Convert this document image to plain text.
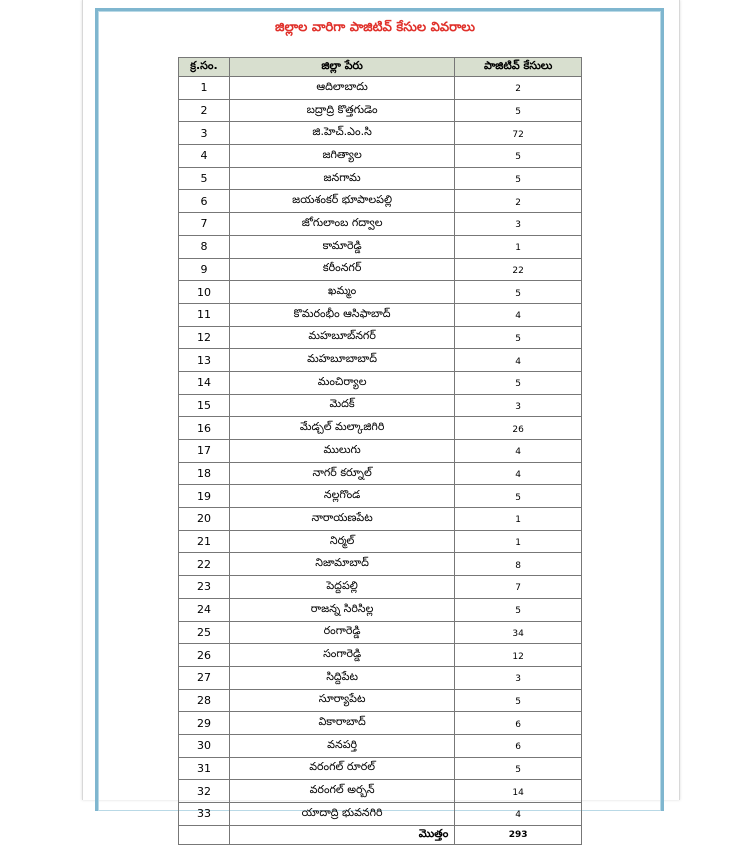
జిల్లాల వారిగా పాజిటివ్ కేసుల వివరాలు
క్ర.సం.	జిల్లా పేరు	పాజిటివ్ కేసులు
1	ఆదిలాబాదు	2
2	బద్రాద్రి కొత్తగుడెం	5
3	జి.హెచ్.ఎం.సి	72
4	జగిత్యాల	5
5	జనగామ	5
6	జయశంకర్ భూపాలపల్లి	2
7	జోగులాంబ గద్వాల	3
8	కామారెడ్డి	1
9	కరీంనగర్	22
10	ఖమ్మం	5
11	కొమరంభీం ఆసిఫాబాద్	4
12	మహబూబ్‌నగర్	5
13	మహబూబాబాద్	4
14	మంచిర్యాల	5
15	మెదక్	3
16	మేడ్చల్ మల్కాజిగిరి	26
17	ములుగు	4
18	నాగర్ కర్నూల్	4
19	నల్లగొండ	5
20	నారాయణపేట	1
21	నిర్మల్	1
22	నిజామాబాద్	8
23	పెద్దపల్లి	7
24	రాజన్న సిరిసిల్ల	5
25	రంగారెడ్డి	34
26	సంగారెడ్డి	12
27	సిద్దిపేట	3
28	సూర్యాపేట	5
29	వికారాబాద్	6
30	వనపర్తి	6
31	వరంగల్ రూరల్	5
32	వరంగల్ అర్బన్	14
33	యాదాద్రి భువనగిరి	4
	మొత్తం	293
